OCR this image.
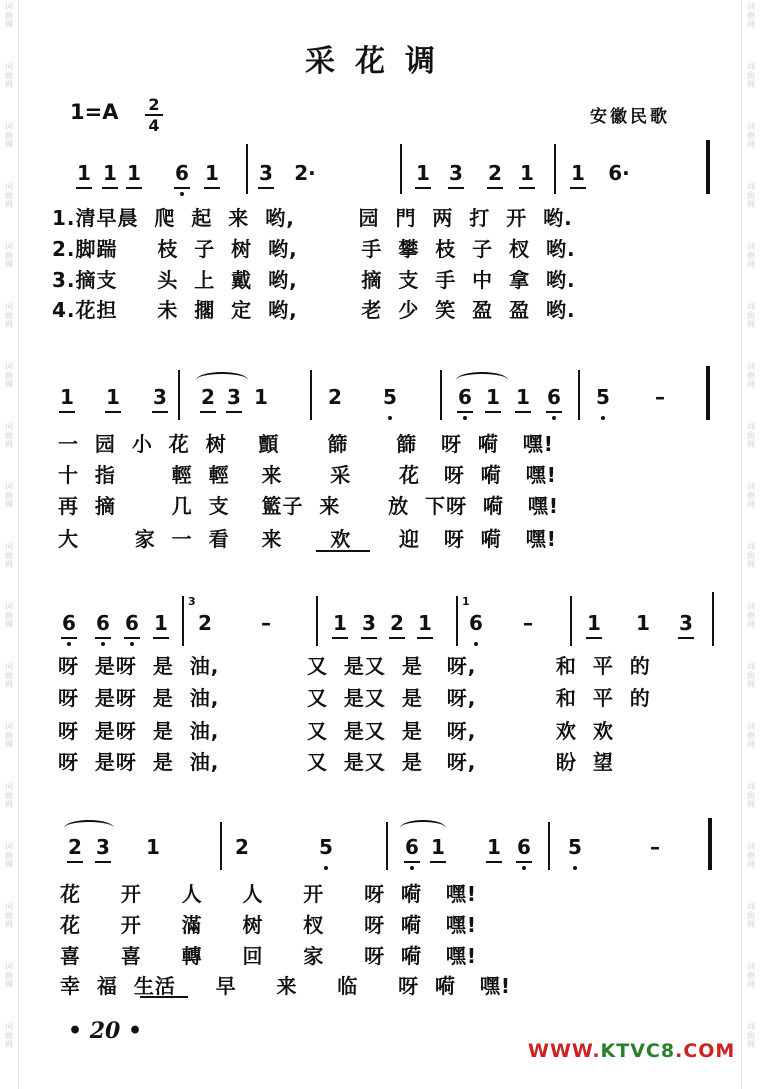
词
曲
网
词
曲
网
词
曲
网
词
曲
网
词
曲
网
词
曲
网
词
曲
网
词
曲
网
词
曲
网
词
曲
网
词
曲
网
词
曲
网
词
曲
网
词
曲
网
词
曲
网
词
曲
网
词
曲
网
词
曲
网
词
曲
网
词
曲
网
词
曲
网
词
曲
网
词
曲
网
词
曲
网
词
曲
网
词
曲
网
词
曲
网
词
曲
网
词
曲
网
词
曲
网
词
曲
网
词
曲
网
词
曲
网
词
曲
网
词
曲
网
词
曲
网
采花调
1=A 2
4	安徽民歌
1 1 1 6 1 3 2·	1 3 2 1 1 6·
1.清早晨  爬  起  来  哟,        园  門  两  打  开  哟.
2.脚踹     枝  子  树  哟,        手  攀  枝  子  杈  哟.
3.摘支     头  上  戴  哟,        摘  支  手  中  拿  哟.
4.花担     未  擱  定  哟,        老  少  笑  盈  盈  哟.
1 1 3 2 3 1	2 5	6 1 1 6 5 –
一  园  小  花  树    顫      篩      篩   呀  嗬   嘿!
十  指       輕  輕    来      采      花   呀  嗬   嘿!
再  摘       几  支    籃子  来      放  下呀  嗬   嘿!
大       家  一  看    来      欢      迎   呀  嗬   嘿!
3	1
6 6 6 1 2 –	1 3 2 1 6 –	1 1 3
呀  是呀  是  油,           又  是又  是   呀,          和  平  的
呀  是呀  是  油,           又  是又  是   呀,          和  平  的
呀  是呀  是  油,           又  是又  是   呀,          欢  欢
呀  是呀  是  油,           又  是又  是   呀,          盼  望
2 3 1	2	5	6 1 1 6 5	–
花     开     人     人     开     呀  嗬   嘿!
花     开     滿     树     杈     呀  嗬   嘿!
喜     喜     轉     回     家     呀  嗬   嘿!
幸  福  生活     早     来     临     呀  嗬   嘿!
• 20 •
WWW.KTVC8.COM
